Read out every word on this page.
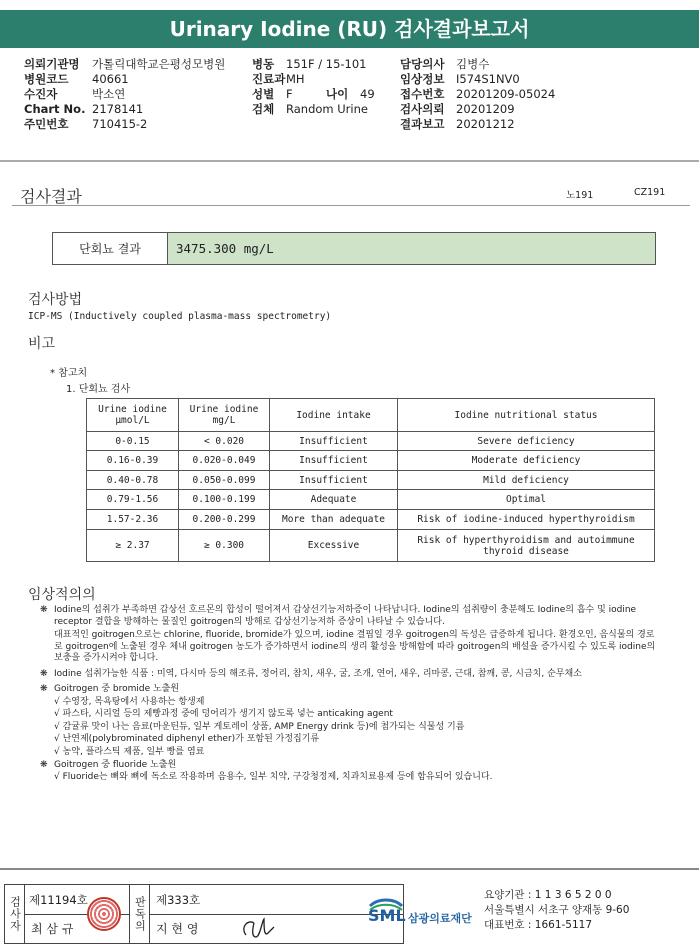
Urinary Iodine (RU) 검사결과보고서
의뢰기관명 가톨릭대학교은평성모병원
병원코드 40661
수진자	박소연
Chart No. 2178141
주민번호 710415-2
병동 151F / 15-101
진료과MH
성별 F	나이 49
검체 Random Urine
담당의사 김병수
임상정보 I574S1NV0
접수번호 20201209-05024
검사의뢰 20201209
결과보고 20201212
검사결과	노191	CZ191
단회뇨 결과	3475.300 mg/L
검사방법
ICP-MS (Inductively coupled plasma-mass spectrometry)
비고
* 참고치
1. 단회뇨 검사
Urine iodine μmol/L	Urine iodine mg/L	Iodine intake	Iodine nutritional status
0-0.15	< 0.020	Insufficient	Severe deficiency
0.16-0.39	0.020-0.049	Insufficient	Moderate deficiency
0.40-0.78	0.050-0.099	Insufficient	Mild deficiency
0.79-1.56	0.100-0.199	Adequate	Optimal
1.57-2.36	0.200-0.299	More than adequate	Risk of iodine-induced hyperthyroidism
≥ 2.37	≥ 0.300	Excessive	Risk of hyperthyroidism and autoimmune thyroid disease
임상적의의
❋ Iodine의 섭취가 부족하면 갑상선 호르몬의 합성이 떨어져서 갑상선기능저하증이 나타납니다. Iodine의 섭취량이 충분해도 Iodine의 흡수 및 iodine receptor 결합을 방해하는 물질인 goitrogen의 방해로 갑상선기능저하 증상이 나타날 수 있습니다.
대표적인 goitrogen으로는 chlorine, fluoride, bromide가 있으며, iodine 결핍일 경우 goitrogen의 독성은 급증하게 됩니다. 환경오인, 음식물의 경로로 goitrogen에 노출된 경우 체내 goitrogen 농도가 증가하면서 iodine의 생리 활성을 방해함에 따라 goitrogen의 배설을 증가시킬 수 있도록 iodine의 보충을 증가시켜야 합니다.
❋ Iodine 섭취가능한 식품 : 미역, 다시마 등의 해조류, 정어리, 참치, 새우, 굴, 조개, 연어, 새우, 리마콩, 근대, 참깨, 콩, 시금치, 순무채소
❋ Goitrogen 중 bromide 노출원
√ 수영장, 목욕탕에서 사용하는 항생제
√ 파스타, 시리얼 등의 제빵과정 중에 덩어리가 생기지 않도록 넣는 anticaking agent
√ 감귤류 맛이 나는 음료(마운틴듀, 일부 게토레이 상품, AMP Energy drink 등)에 첨가되는 식물성 기름
√ 난연제(polybrominated diphenyl ether)가 포함된 가정집기류
√ 농약, 플라스틱 제품, 일부 빵를 염료
❋ Goitrogen 중 fluoride 노출원
√ Fluoride는 뼈와 뼈에 독소로 작용하며 음용수, 일부 치약, 구강청정제, 치과치료용제 등에 함유되어 있습니다.
검사자 제11194호
최 삼 규	판독의 제333호
지 현 영
SML 삼광의료재단
요양기관 : 1 1 3 6 5 2 0 0
서울특별시 서초구 양재동 9-60
대표번호 : 1661-5117
